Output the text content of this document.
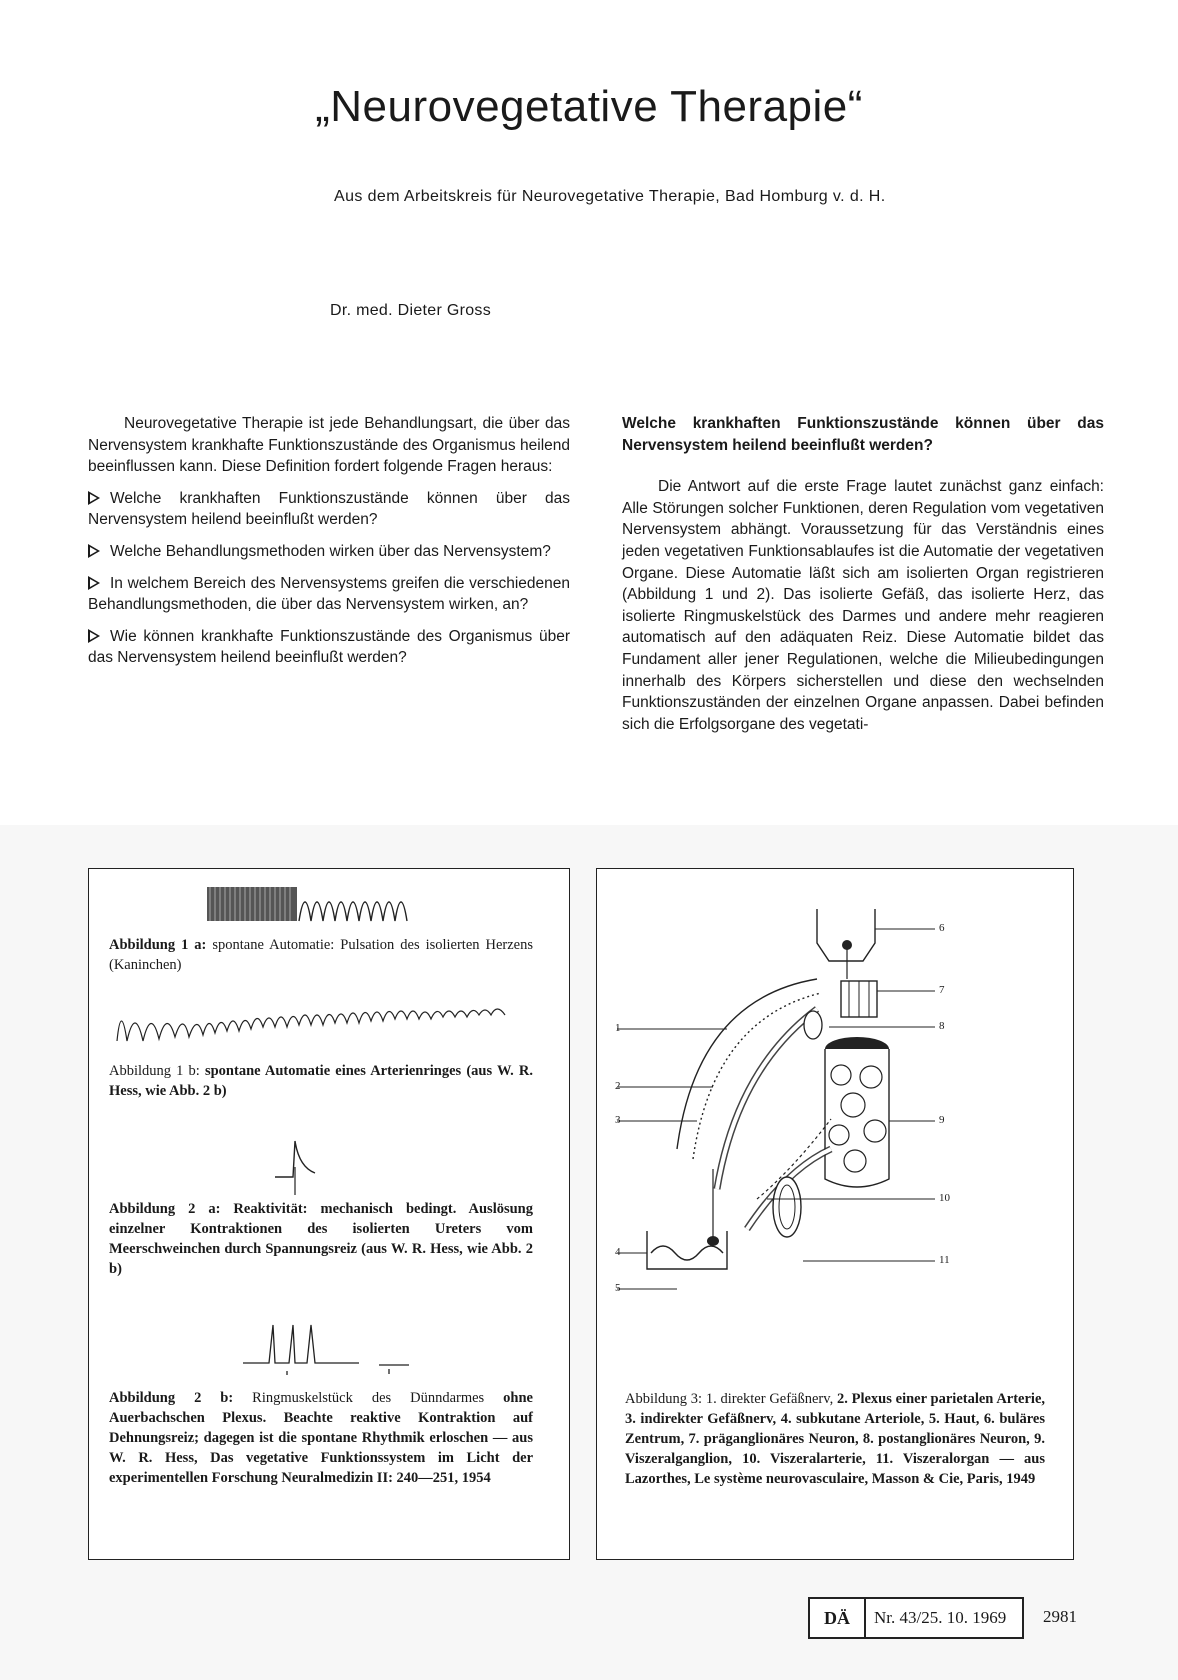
„Neurovegetative Therapie“
Aus dem Arbeitskreis für Neurovegetative Therapie, Bad Homburg v. d. H.
Dr. med. Dieter Gross

Neurovegetative Therapie ist jede Behandlungsart, die über das Nervensystem krankhafte Funktionszustände des Organismus heilend beeinflussen kann. Diese Definition fordert folgende Fragen heraus:

Welche krankhaften Funktionszustände können über das Nervensystem heilend beeinflußt werden?

Welche Behandlungsmethoden wirken über das Nervensystem?

In welchem Bereich des Nervensystems greifen die verschiedenen Behandlungsmethoden, die über das Nervensystem wirken, an?

Wie können krankhafte Funktionszustände des Organismus über das Nervensystem heilend beeinflußt werden?

Welche krankhaften Funktionszustände können über das Nervensystem heilend beeinflußt werden?

Die Antwort auf die erste Frage lautet zunächst ganz einfach: Alle Störungen solcher Funktionen, deren Regulation vom vegetativen Nervensystem abhängt. Voraussetzung für das Verständnis eines jeden vegetativen Funktionsablaufes ist die Automatie der vegetativen Organe. Diese Automatie läßt sich am isolierten Organ registrieren (Abbildung 1 und 2). Das isolierte Gefäß, das isolierte Herz, das isolierte Ringmuskelstück des Darmes und andere mehr reagieren automatisch auf den adäquaten Reiz. Diese Automatie bildet das Fundament aller jener Regulationen, welche die Milieubedingungen innerhalb des Körpers sicherstellen und diese den wechselnden Funktionszuständen der einzelnen Organe anpassen. Dabei befinden sich die Erfolgsorgane des vegetati-

Abbildung 1 a: spontane Automatie: Pulsation des isolierten Herzens (Kaninchen)
Abbildung 1 b: spontane Automatie eines Arterienringes (aus W. R. Hess, wie Abb. 2 b)
Abbildung 2 a: Reaktivität: mechanisch bedingt. Auslösung einzelner Kontraktionen des isolierten Ureters vom Meerschweinchen durch Spannungsreiz (aus W. R. Hess, wie Abb. 2 b)
Abbildung 2 b: Ringmuskelstück des Dünndarmes ohne Auerbachschen Plexus. Beachte reaktive Kontraktion auf Dehnungsreiz; dagegen ist die spontane Rhythmik erloschen — aus W. R. Hess, Das vegetative Funktionssystem im Licht der experimentellen Forschung Neuralmedizin II: 240—251, 1954
1
2
3
4
5
6
7
8
9
10
11
Abbildung 3: 1. direkter Gefäßnerv, 2. Plexus einer parietalen Arterie, 3. indirekter Gefäßnerv, 4. subkutane Arteriole, 5. Haut, 6. buläres Zentrum, 7. präganglionäres Neuron, 8. postanglionäres Neuron, 9. Viszeralganglion, 10. Viszeralarterie, 11. Viszeralorgan — aus Lazorthes, Le système neurovasculaire, Masson & Cie, Paris, 1949
DÄ	Nr. 43/25. 10. 1969 2981
